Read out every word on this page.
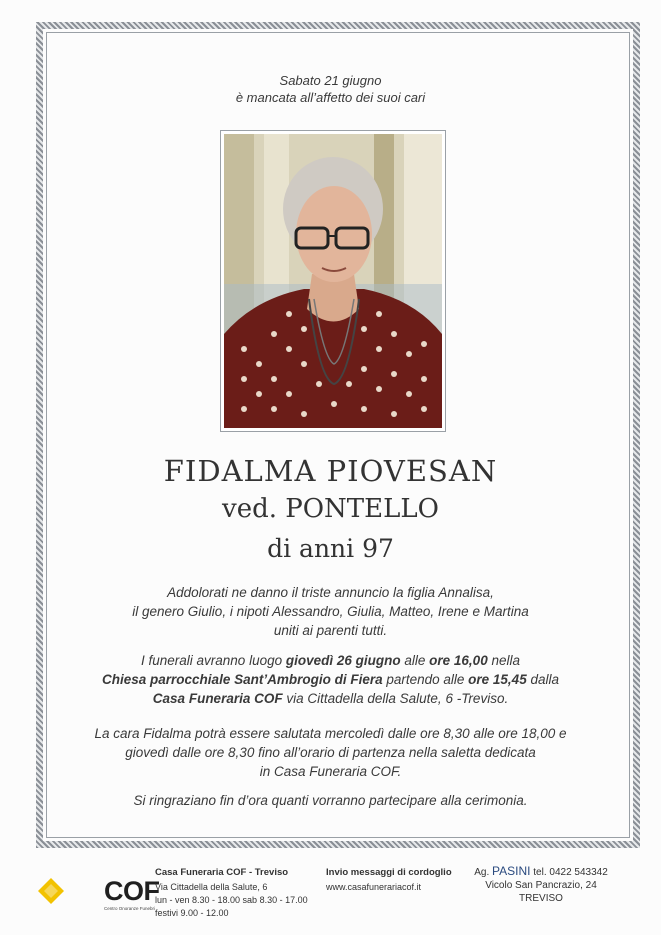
Sabato 21 giugno
è mancata all’affetto dei suoi cari
FIDALMA PIOVESAN
ved. PONTELLO
di anni 97
Addolorati ne danno il triste annuncio la figlia Annalisa,
il genero Giulio, i nipoti Alessandro, Giulia, Matteo, Irene e Martina
uniti ai parenti tutti.
I funerali avranno luogo giovedì 26 giugno alle ore 16,00 nella
Chiesa parrocchiale Sant’Ambrogio di Fiera partendo alle ore 15,45 dalla
Casa Funeraria COF via Cittadella della Salute, 6 -Treviso.
La cara Fidalma potrà essere salutata mercoledì dalle ore 8,30 alle ore 18,00 e
giovedì dalle ore 8,30 fino all’orario di partenza nella saletta dedicata
in Casa Funeraria COF.
Si ringraziano fin d’ora quanti vorranno partecipare alla cerimonia.
COF
Centro Onoranze Funebri
Casa Funeraria COF - Treviso
Via Cittadella della Salute, 6
lun - ven 8.30 - 18.00 sab 8.30 - 17.00
festivi 9.00 - 12.00
Invio messaggi di cordoglio
www.casafunerariacof.it
Ag. PASINI tel. 0422 543342
Vicolo San Pancrazio, 24
TREVISO
